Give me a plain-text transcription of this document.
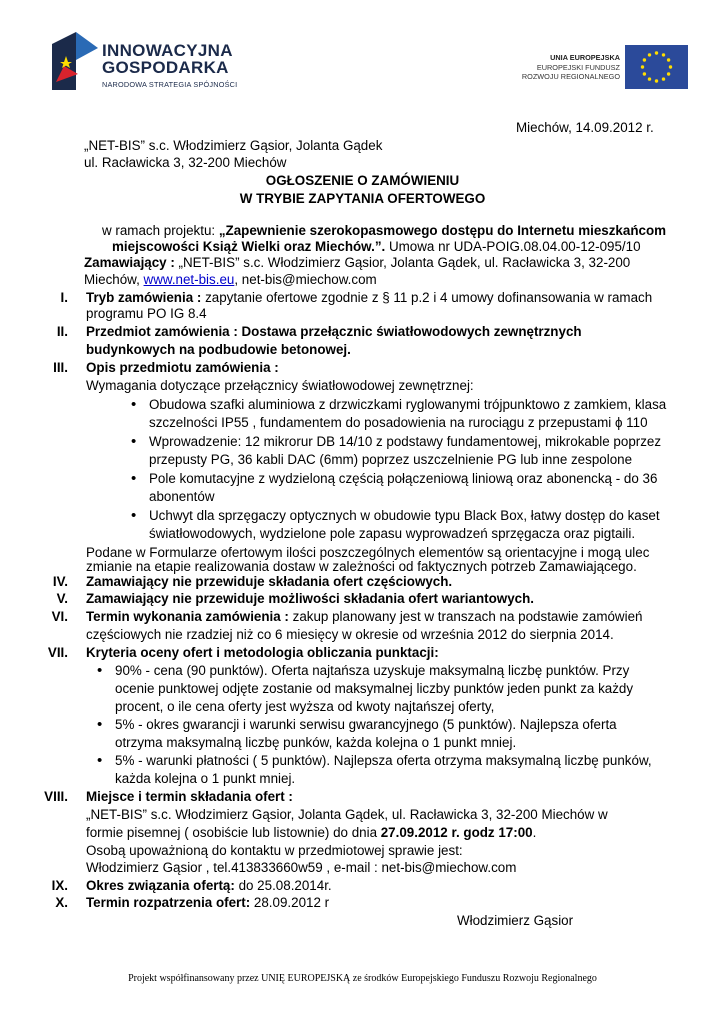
INNOWACYJNA
GOSPODARKA
NARODOWA STRATEGIA SPÓJNOŚCI
UNIA EUROPEJSKA
EUROPEJSKI FUNDUSZ
ROZWOJU REGIONALNEGO
Miechów, 14.09.2012 r.
„NET-BIS” s.c. Włodzimierz Gąsior, Jolanta Gądek
ul. Racławicka 3, 32-200 Miechów
OGŁOSZENIE O ZAMÓWIENIU
W TRYBIE ZAPYTANIA OFERTOWEGO
w ramach projektu: „Zapewnienie szerokopasmowego dostępu do Internetu mieszkańcom
miejscowości Książ Wielki oraz Miechów.”. Umowa nr UDA-POIG.08.04.00-12-095/10
Zamawiający : „NET-BIS” s.c. Włodzimierz Gąsior, Jolanta Gądek, ul. Racławicka 3, 32-200
Miechów, www.net-bis.eu, net-bis@miechow.com
I. Tryb zamówienia : zapytanie ofertowe zgodnie z § 11 p.2 i 4 umowy dofinansowania w ramach
programu PO IG 8.4
II. Przedmiot zamówienia : Dostawa przełącznic światłowodowych zewnętrznych
budynkowych na podbudowie betonowej.
III. Opis przedmiotu zamówienia :
Wymagania dotyczące przełącznicy światłowodowej zewnętrznej:
• Obudowa szafki aluminiowa z drzwiczkami ryglowanymi trójpunktowo z zamkiem, klasa
szczelności IP55 , fundamentem do posadowienia na rurociągu z przepustami ϕ 110
• Wprowadzenie: 12 mikrorur DB 14/10 z podstawy fundamentowej, mikrokable poprzez
przepusty PG, 36 kabli DAC (6mm) poprzez uszczelnienie PG lub inne zespolone
• Pole komutacyjne z wydzieloną częścią połączeniową liniową oraz abonencką - do 36
abonentów
• Uchwyt dla sprzęgaczy optycznych w obudowie typu Black Box, łatwy dostęp do kaset
światłowodowych, wydzielone pole zapasu wyprowadzeń sprzęgacza oraz pigtaili.
Podane w Formularze ofertowym ilości poszczególnych elementów są orientacyjne i mogą ulec
zmianie na etapie realizowania dostaw w zależności od faktycznych potrzeb Zamawiającego.
IV. Zamawiający nie przewiduje składania ofert częściowych.
V. Zamawiający nie przewiduje możliwości składania ofert wariantowych.
VI. Termin wykonania zamówienia : zakup planowany jest w transzach na podstawie zamówień
częściowych nie rzadziej niż co 6 miesięcy w okresie od września 2012 do sierpnia 2014.
VII. Kryteria oceny ofert i metodologia obliczania punktacji:
• 90% - cena (90 punktów). Oferta najtańsza uzyskuje maksymalną liczbę punktów. Przy
ocenie punktowej odjęte zostanie od maksymalnej liczby punktów jeden punkt za każdy
procent, o ile cena oferty jest wyższa od kwoty najtańszej oferty,
• 5% - okres gwarancji i warunki serwisu gwarancyjnego (5 punktów). Najlepsza oferta
otrzyma maksymalną liczbę punków, każda kolejna o 1 punkt mniej.
• 5% - warunki płatności ( 5 punktów). Najlepsza oferta otrzyma maksymalną liczbę punków,
każda kolejna o 1 punkt mniej.
VIII. Miejsce i termin składania ofert :
„NET-BIS” s.c. Włodzimierz Gąsior, Jolanta Gądek, ul. Racławicka 3, 32-200 Miechów w
formie pisemnej ( osobiście lub listownie) do dnia 27.09.2012 r. godz 17:00.
Osobą upoważnioną do kontaktu w przedmiotowej sprawie jest:
Włodzimierz Gąsior , tel.413833660w59 , e-mail : net-bis@miechow.com
IX. Okres związania ofertą: do 25.08.2014r.
X. Termin rozpatrzenia ofert: 28.09.2012 r
Włodzimierz Gąsior
Projekt współfinansowany przez UNIĘ EUROPEJSKĄ ze środków Europejskiego Funduszu Rozwoju Regionalnego
